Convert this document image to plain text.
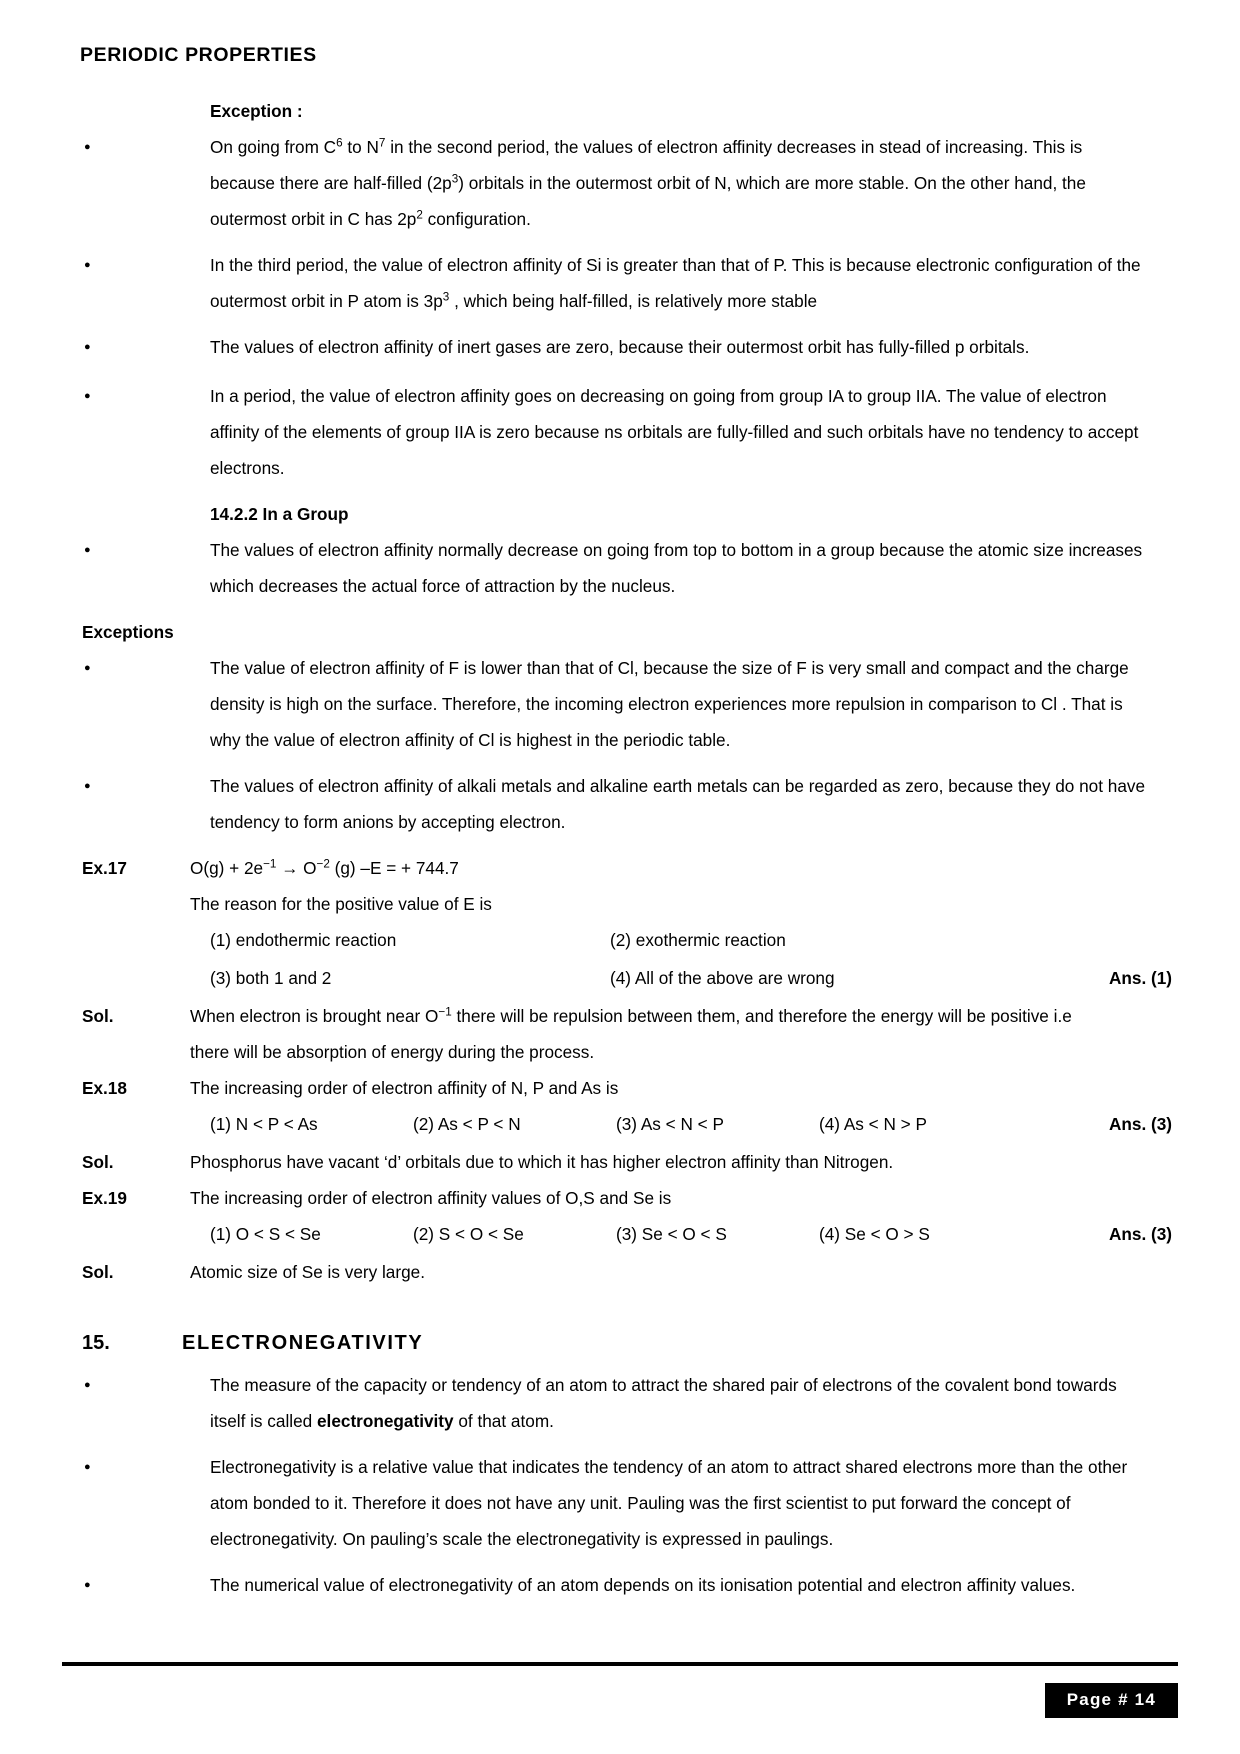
PERIODIC PROPERTIES
Exception :
●
On going from $C^6$ to $N^7$ in the second period, the values of electron affinity decreases in stead of increasing. This is because there are half-filled $(2p^3)$ orbitals in the outermost orbit of N, which are more stable. On the other hand, the outermost orbit in C has $2p^2$ configuration.
●
In the third period, the value of electron affinity of Si is greater than that of P. This is because electronic configuration of the outermost orbit in P atom is $3p^3$ , which being half-filled, is relatively more stable
●
The values of electron affinity of inert gases are zero, because their outermost orbit has fully-filled p orbitals.
●
In a period, the value of electron affinity goes on decreasing on going from group IA to group IIA. The value of electron affinity of the elements of group IIA is zero because ns orbitals are fully-filled and such orbitals have no tendency to accept electrons.
14.2.2 In a Group
●
The values of electron affinity normally decrease on going from top to bottom in a group because the atomic size increases which decreases the actual force of attraction by the nucleus.
Exceptions
●
The value of electron affinity of F is lower than that of Cl, because the size of F is very small and compact and the charge density is high on the surface. Therefore, the incoming electron experiences more repulsion in comparison to Cl . That is why the value of electron affinity of Cl is highest in the periodic table.
●
The values of electron affinity of alkali metals and alkaline earth metals can be regarded as zero, because they do not have tendency to form anions by accepting electron.
Ex.17	$O(g) + 2e^{-1} \to O^{-2}$ (g) –E = + 744.7
The reason for the positive value of E is
(1) endothermic reaction	(2) exothermic reaction
(3) both 1 and 2	(4) All of the above are wrong	Ans. (1)
Sol.	When electron is brought near $O^{-1}$ there will be repulsion between them, and therefore the energy will be positive i.e there will be absorption of energy during the process.
Ex.18	The increasing order of electron affinity of N, P and As is
(1) N < P < As	(2) As < P < N	(3) As < N < P	(4) As < N > P	Ans. (3)
Sol.	Phosphorus have vacant ‘d’ orbitals due to which it has higher electron affinity than Nitrogen.
Ex.19	The increasing order of electron affinity values of O,S and Se is
(1) O < S < Se	(2) S < O < Se	(3) Se < O < S	(4) Se < O > S	Ans. (3)
Sol.	Atomic size of Se is very large.
15.	ELECTRONEGATIVITY
●
The measure of the capacity or tendency of an atom to attract the shared pair of electrons of the covalent bond towards itself is called electronegativity of that atom.
●
Electronegativity is a relative value that indicates the tendency of an atom to attract shared electrons more than the other atom bonded to it. Therefore it does not have any unit. Pauling was the first scientist to put forward the concept of electronegativity. On pauling’s scale the electronegativity is expressed in paulings.
●
The numerical value of electronegativity of an atom depends on its ionisation potential and electron affinity values.
Page # 14
